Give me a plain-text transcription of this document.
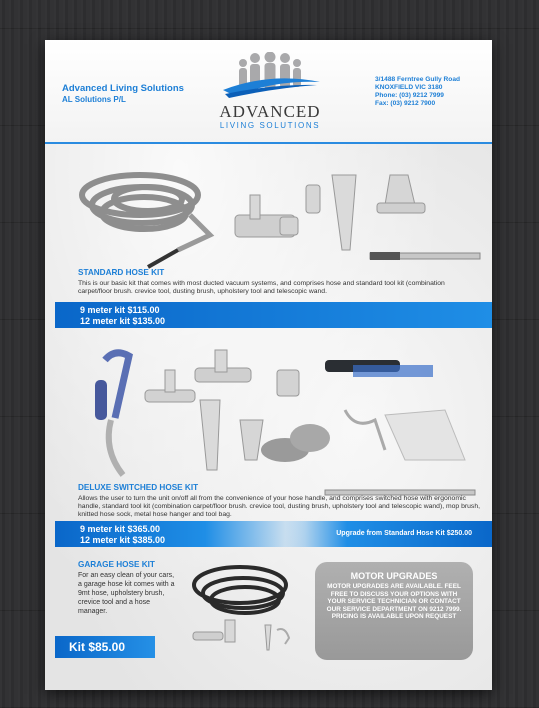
Advanced Living Solutions
AL Solutions P/L
ADVANCED
LIVING SOLUTIONS
3/1488 Ferntree Gully Road
KNOXFIELD VIC 3180
Phone: (03) 9212 7999
Fax: (03) 9212 7900
STANDARD HOSE KIT
This is our basic kit that comes with most ducted vacuum systems, and comprises hose and standard tool kit (combination carpet/floor brush. crevice tool, dusting brush, upholstery tool and telescopic wand.
9 meter kit $115.00
12 meter kit $135.00
DELUXE SWITCHED HOSE KIT
Allows the user to turn the unit on/off all from the convenience of your hose handle, and comprises switched hose with ergonomic handle, standard tool kit (combination carpet/floor brush. crevice tool, dusting brush, upholstery tool and telescopic wand), mop brush, knitted hose sock, metal hose hanger and tool bag.
9 meter kit $365.00
12 meter kit $385.00
Upgrade from Standard Hose Kit $250.00
GARAGE HOSE KIT
For an easy clean of your cars, a garage hose kit comes with a 9mt hose, upholstery brush, crevice tool and a hose manager.
Kit $85.00
MOTOR UPGRADES
MOTOR UPGRADES ARE AVAILABLE. FEEL FREE TO DISCUSS YOUR OPTIONS WITH YOUR SERVICE TECHNICIAN OR CONTACT OUR SERVICE DEPARTMENT ON 9212 7999. PRICING IS AVAILABLE UPON REQUEST
